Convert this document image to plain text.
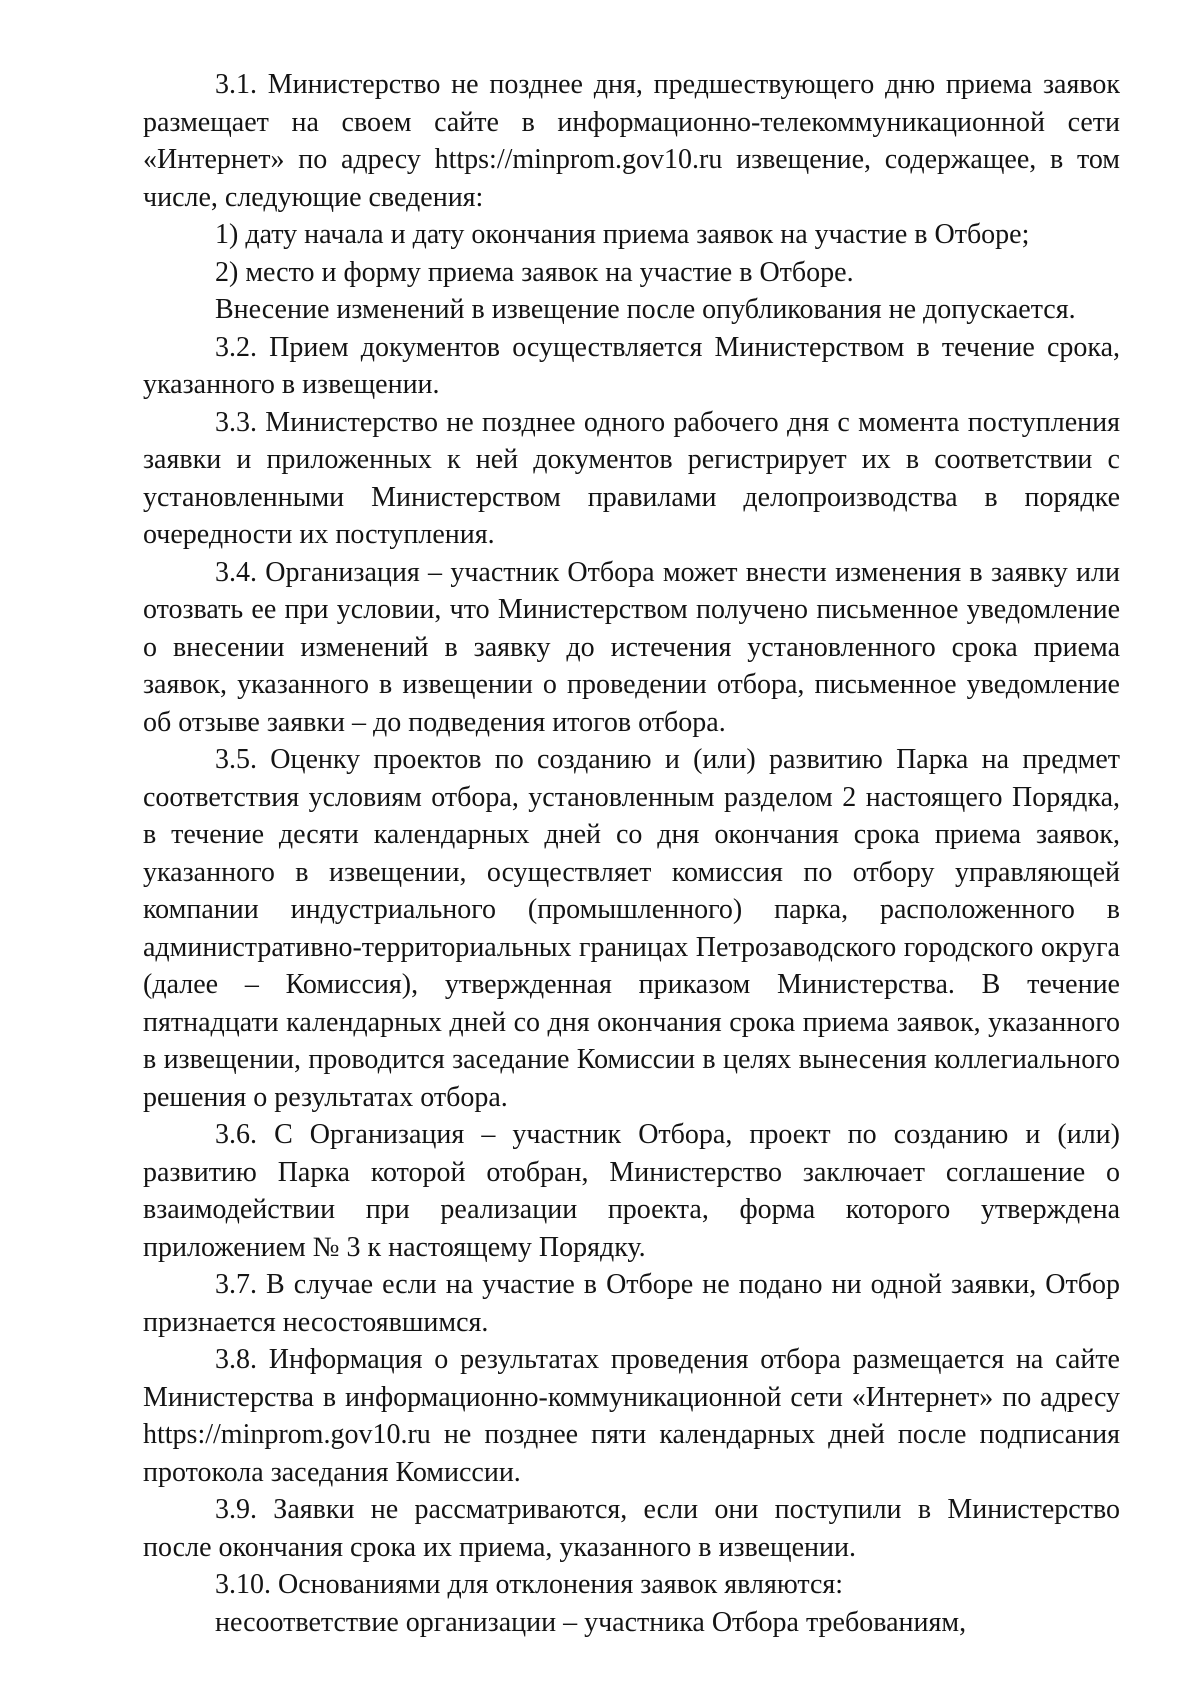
3.1. Министерство не позднее дня, предшествующего дню приема заявок размещает на своем сайте в информационно-телекоммуникационной сети «Интернет» по адресу https://minprom.gov10.ru извещение, содержащее, в том числе, следующие сведения:

1) дату начала и дату окончания приема заявок на участие в Отборе;

2) место и форму приема заявок на участие в Отборе.

Внесение изменений в извещение после опубликования не допускается.

3.2. Прием документов осуществляется Министерством в течение срока, указанного в извещении.

3.3. Министерство не позднее одного рабочего дня с момента поступления заявки и приложенных к ней документов регистрирует их в соответствии с установленными Министерством правилами делопроизводства в порядке очередности их поступления.

3.4. Организация – участник Отбора может внести изменения в заявку или отозвать ее при условии, что Министерством получено письменное уведомление о внесении изменений в заявку до истечения установленного срока приема заявок, указанного в извещении о проведении отбора, письменное уведомление об отзыве заявки – до подведения итогов отбора.

3.5. Оценку проектов по созданию и (или) развитию Парка на предмет соответствия условиям отбора, установленным разделом 2 настоящего Порядка, в течение десяти календарных дней со дня окончания срока приема заявок, указанного в извещении, осуществляет комиссия по отбору управляющей компании индустриального (промышленного) парка, расположенного в административно-территориальных границах Петрозаводского городского округа (далее – Комиссия), утвержденная приказом Министерства. В течение пятнадцати календарных дней со дня окончания срока приема заявок, указанного в извещении, проводится заседание Комиссии в целях вынесения коллегиального решения о результатах отбора.

3.6. С Организация – участник Отбора, проект по созданию и (или) развитию Парка которой отобран, Министерство заключает соглашение о взаимодействии при реализации проекта, форма которого утверждена приложением № 3 к настоящему Порядку.

3.7. В случае если на участие в Отборе не подано ни одной заявки, Отбор признается несостоявшимся.

3.8. Информация о результатах проведения отбора размещается на сайте Министерства в информационно-коммуникационной сети «Интернет» по адресу https://minprom.gov10.ru не позднее пяти календарных дней после подписания протокола заседания Комиссии.

3.9. Заявки не рассматриваются, если они поступили в Министерство после окончания срока их приема, указанного в извещении.

3.10. Основаниями для отклонения заявок являются:

несоответствие организации – участника Отбора требованиям,
